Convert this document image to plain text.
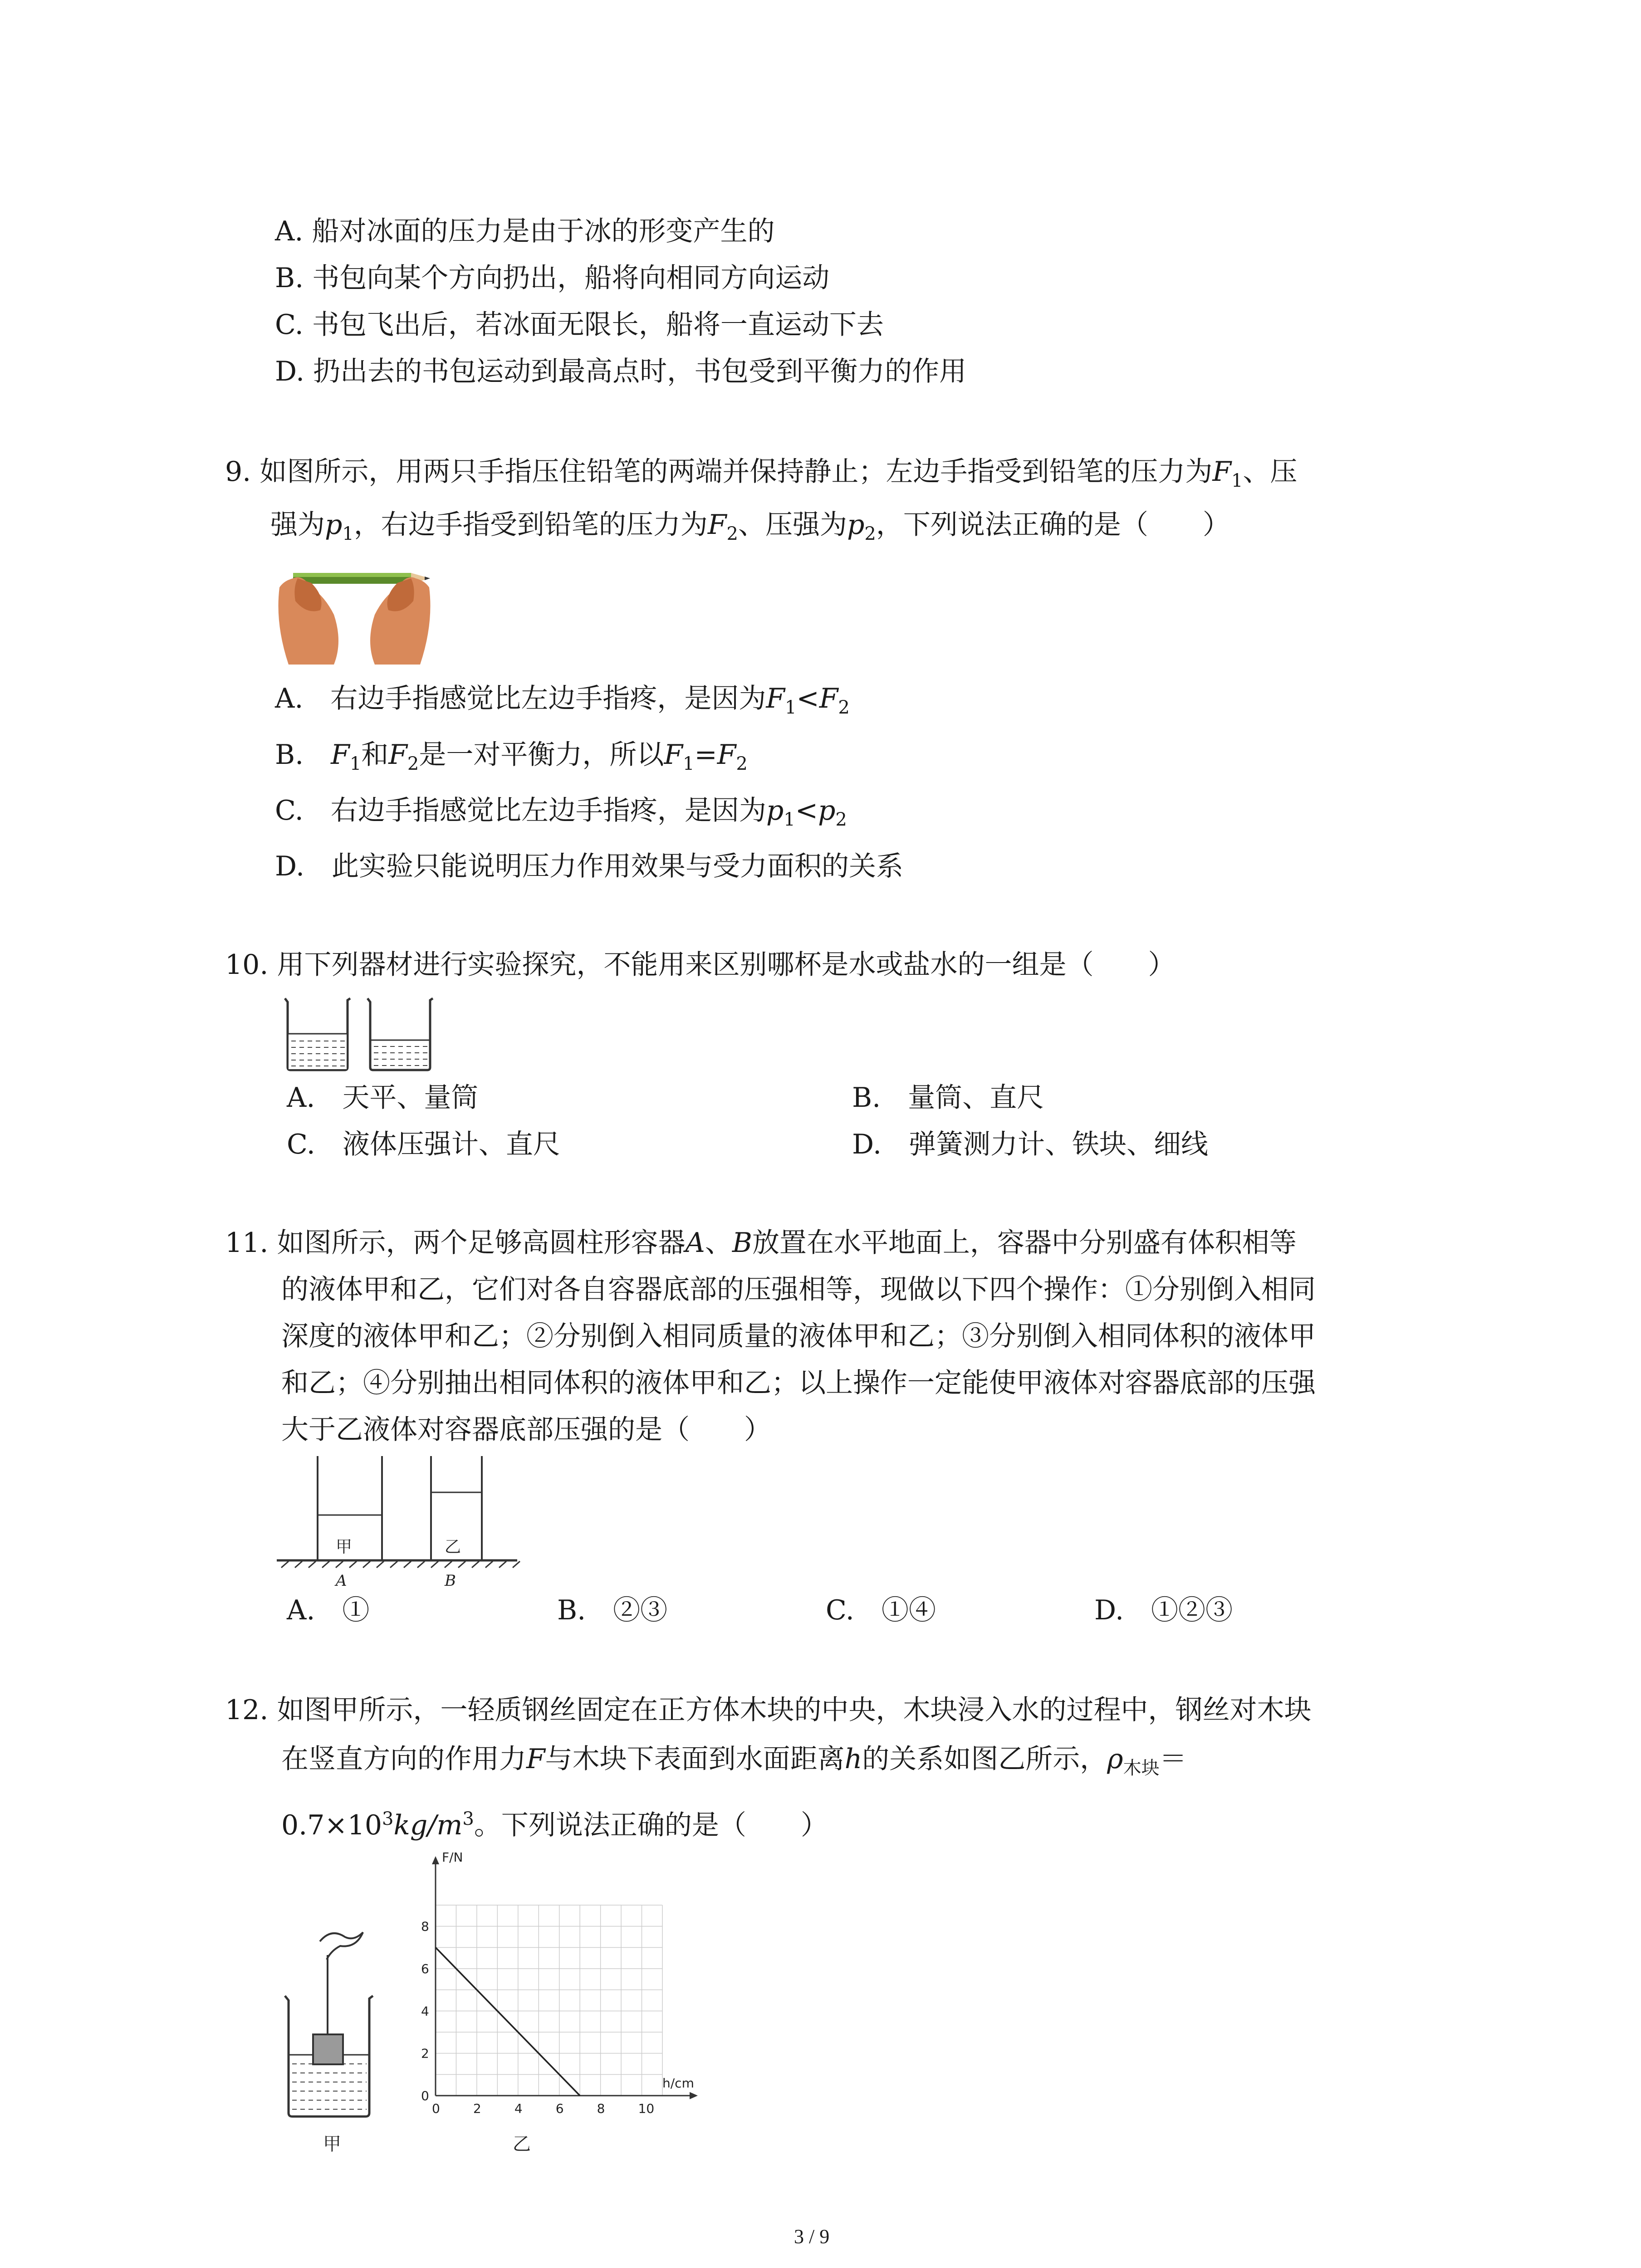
A. 船对冰面的压力是由于冰的形变产生的
B. 书包向某个方向扔出，船将向相同方向运动
C. 书包飞出后，若冰面无限长，船将一直运动下去
D. 扔出去的书包运动到最高点时，书包受到平衡力的作用
9. 如图所示，用两只手指压住铅笔的两端并保持静止；左边手指受到铅笔的压力为$F_1$、压
强为$p_1$，右边手指受到铅笔的压力为$F_2$、压强为$p_2$，下列说法正确的是（　　）
A.　右边手指感觉比左边手指疼，是因为$F_1<F_2$
B.　$F_1$和$F_2$是一对平衡力，所以$F_1=F_2$
C.　右边手指感觉比左边手指疼，是因为$p_1<p_2$
D.　此实验只能说明压力作用效果与受力面积的关系
10. 用下列器材进行实验探究，不能用来区别哪杯是水或盐水的一组是（　　）
A.　天平、量筒	B.　量筒、直尺
C.　液体压强计、直尺	D.　弹簧测力计、铁块、细线
11. 如图所示，两个足够高圆柱形容器A、B放置在水平地面上，容器中分别盛有体积相等
的液体甲和乙，它们对各自容器底部的压强相等，现做以下四个操作：①分别倒入相同
深度的液体甲和乙；②分别倒入相同质量的液体甲和乙；③分别倒入相同体积的液体甲
和乙；④分别抽出相同体积的液体甲和乙；以上操作一定能使甲液体对容器底部的压强
大于乙液体对容器底部压强的是（　　）
甲	乙
A	B
A.　①	B.　②③	C.　①④	D.　①②③
12. 如图甲所示，一轻质钢丝固定在正方体木块的中央，木块浸入水的过程中，钢丝对木块
在竖直方向的作用力F与木块下表面到水面距离h的关系如图乙所示，$\rho_{木块}=$
$0.7\times 10^3kg/m^3$。下列说法正确的是（　　）
甲
0	2	4	6	8	10
0
2
4
6
8
F/N
h/cm
乙
3 / 9
